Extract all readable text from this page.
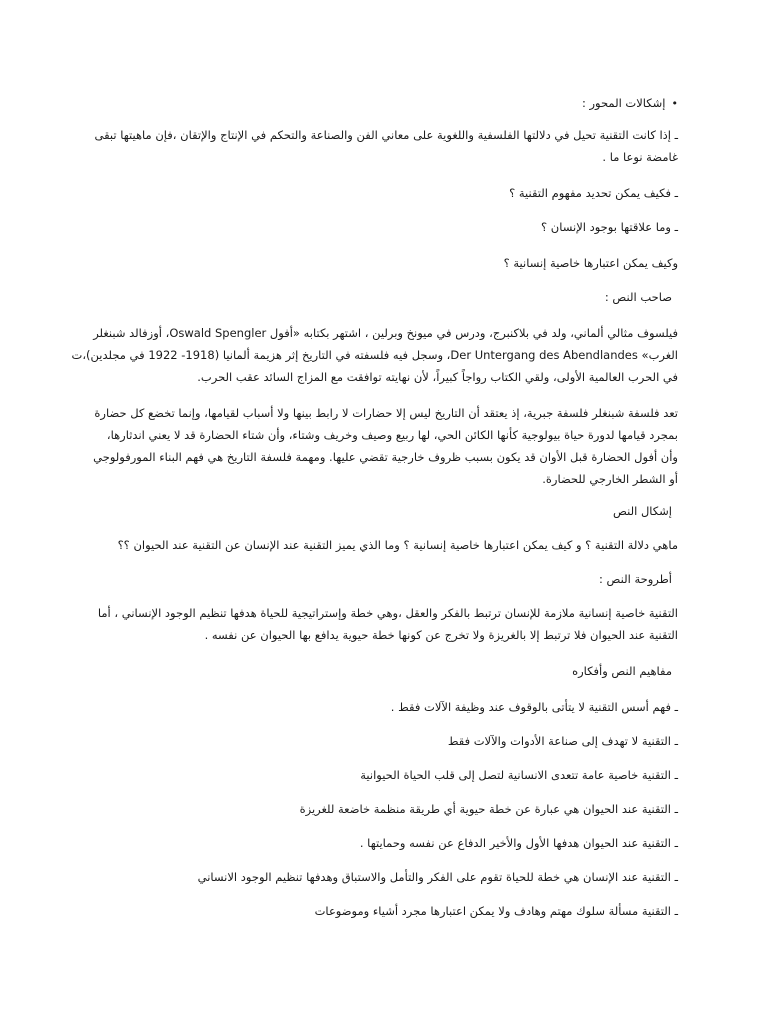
•إشكالات المحور :

ـ إذا كانت التقنية تحيل في دلالتها الفلسفية واللغوية على معاني الفن والصناعة والتحكم في الإنتاج والإتقان ،فإن ماهيتها تبقى

غامضة نوعا ما .

ـ فكيف يمكن تحديد مفهوم التقنية ؟

ـ وما علاقتها بوجود الإنسان ؟

وكيف يمكن اعتبارها خاصية إنسانية ؟

صاحب النص :

فيلسوف مثالي ألماني، ولد في بلاكنبرج، ودرس في ميونخ وبرلين ، اشتهر بكتابه «أفول Oswald Spengler، أوزفالد شبنغلر

الغرب» Der Untergang des Abendlandes، وسجل فيه فلسفته في التاريخ إثر هزيمة ألمانيا (1918- 1922 في مجلدين)،ت

في الحرب العالمية الأولى، ولقي الكتاب رواجاً كبيراً، لأن نهايته توافقت مع المزاج السائد عقب الحرب.

تعد فلسفة شبنغلر فلسفة جبرية، إذ يعتقد أن التاريخ ليس إلا حضارات لا رابط بينها ولا أسباب لقيامها، وإنما تخضع كل حضارة

بمجرد قيامها لدورة حياة بيولوجية كأنها الكائن الحي، لها ربيع وصيف وخريف وشتاء، وأن شتاء الحضارة قد لا يعني اندثارها،

وأن أفول الحضارة قبل الأوان قد يكون بسبب ظروف خارجية تقضي عليها. ومهمة فلسفة التاريخ هي فهم البناء المورفولوجي

أو الشطر الخارجي للحضارة.

إشكال النص

ماهي دلالة التقنية ؟ و كيف يمكن اعتبارها خاصية إنسانية ؟ وما الذي يميز التقنية عند الإنسان عن التقنية عند الحيوان ؟؟

أطروحة النص :

التقنية خاصية إنسانية ملازمة للإنسان ترتبط بالفكر والعقل ،وهي خطة وإستراتيجية للحياة هدفها تنظيم الوجود الإنساني ، أما

التقنية عند الحيوان فلا ترتبط إلا بالغريزة ولا تخرج عن كونها خطة حيوية يدافع بها الحيوان عن نفسه .

مفاهيم النص وأفكاره

ـ فهم أسس التقنية لا يتأتى بالوقوف عند وظيفة الآلات فقط .

ـ التقنية لا تهدف إلى صناعة الأدوات والآلات فقط

ـ التقنية خاصية عامة تتعدى الانسانية لتصل إلى قلب الحياة الحيوانية

ـ التقنية عند الحيوان هي عبارة عن خطة حيوية أي طريقة منظمة خاضعة للغريزة

ـ التقنية عند الحيوان هدفها الأول والأخير الدفاع عن نفسه وحمايتها .

ـ التقنية عند الإنسان هي خطة للحياة تقوم على الفكر والتأمل والاستباق وهدفها تنظيم الوجود الانساني

ـ التقنية مسألة سلوك مهتم وهادف ولا يمكن اعتبارها مجرد أشياء وموضوعات
